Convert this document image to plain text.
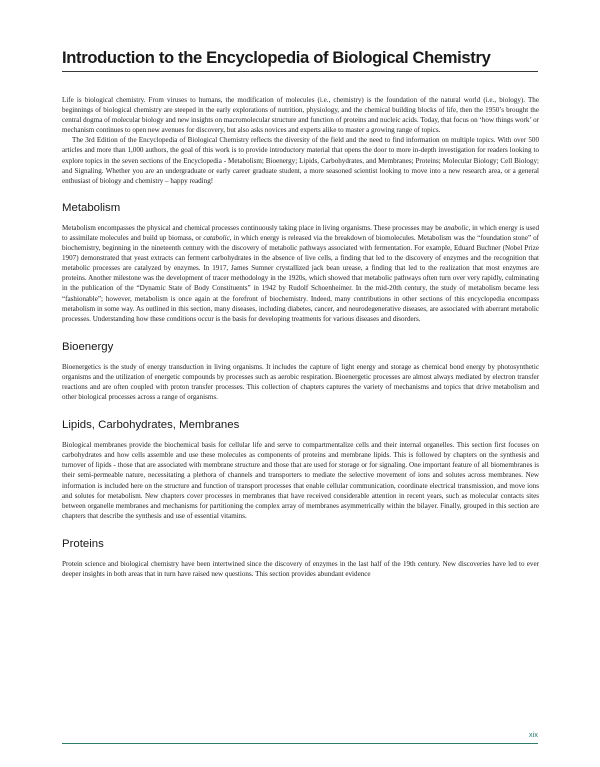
Introduction to the Encyclopedia of Biological Chemistry

Life is biological chemistry. From viruses to humans, the modification of molecules (i.e., chemistry) is the foundation of the natural world (i.e., biology). The beginnings of biological chemistry are steeped in the early explorations of nutrition, physiology, and the chemical building blocks of life, then the 1950’s brought the central dogma of molecular biology and new insights on macromolecular structure and function of proteins and nucleic acids. Today, that focus on ‘how things work’ or mechanism continues to open new avenues for discovery, but also asks novices and experts alike to master a growing range of topics.

The 3rd Edition of the Encyclopedia of Biological Chemistry reflects the diversity of the field and the need to find information on multiple topics. With over 500 articles and more than 1,000 authors, the goal of this work is to provide introductory material that opens the door to more in-depth investigation for readers looking to explore topics in the seven sections of the Encyclopedia - Metabolism; Bioenergy; Lipids, Carbohydrates, and Membranes; Proteins; Molecular Biology; Cell Biology; and Signaling. Whether you are an undergraduate or early career graduate student, a more seasoned scientist looking to move into a new research area, or a general enthusiast of biology and chemistry – happy reading!

Metabolism

Metabolism encompasses the physical and chemical processes continuously taking place in living organisms. These processes may be anabolic, in which energy is used to assimilate molecules and build up biomass, or catabolic, in which energy is released via the breakdown of biomolecules. Metabolism was the “foundation stone” of biochemistry, beginning in the nineteenth century with the discovery of metabolic pathways associated with fermentation. For example, Eduard Buchner (Nobel Prize 1907) demonstrated that yeast extracts can ferment carbohydrates in the absence of live cells, a finding that led to the discovery of enzymes and the recognition that metabolic processes are catalyzed by enzymes. In 1917, James Sumner crystallized jack bean urease, a finding that led to the realization that most enzymes are proteins. Another milestone was the development of tracer methodology in the 1920s, which showed that metabolic pathways often turn over very rapidly, culminating in the publication of the “Dynamic State of Body Constituents” in 1942 by Rudolf Schoenheimer. In the mid-20th century, the study of metabolism became less “fashionable”; however, metabolism is once again at the forefront of biochemistry. Indeed, many contributions in other sections of this encyclopedia encompass metabolism in some way. As outlined in this section, many diseases, including diabetes, cancer, and neurodegenerative diseases, are associated with aberrant metabolic processes. Understanding how these conditions occur is the basis for developing treatments for various diseases and disorders.

Bioenergy

Bioenergetics is the study of energy transduction in living organisms. It includes the capture of light energy and storage as chemical bond energy by photosynthetic organisms and the utilization of energetic compounds by processes such as aerobic respiration. Bioenergetic processes are almost always mediated by electron transfer reactions and are often coupled with proton transfer processes. This collection of chapters captures the variety of mechanisms and topics that drive metabolism and other biological processes across a range of organisms.

Lipids, Carbohydrates, Membranes

Biological membranes provide the biochemical basis for cellular life and serve to compartmentalize cells and their internal organelles. This section first focuses on carbohydrates and how cells assemble and use these molecules as components of proteins and membrane lipids. This is followed by chapters on the synthesis and turnover of lipids - those that are associated with membrane structure and those that are used for storage or for signaling. One important feature of all biomembranes is their semi-permeable nature, necessitating a plethora of channels and transporters to mediate the selective movement of ions and solutes across membranes. New information is included here on the structure and function of transport processes that enable cellular communication, coordinate electrical transmission, and move ions and solutes for metabolism. New chapters cover processes in membranes that have received considerable attention in recent years, such as molecular contacts sites between organelle membranes and mechanisms for partitioning the complex array of membranes asymmetrically within the bilayer. Finally, grouped in this section are chapters that describe the synthesis and use of essential vitamins.

Proteins

Protein science and biological chemistry have been intertwined since the discovery of enzymes in the last half of the 19th century. New discoveries have led to ever deeper insights in both areas that in turn have raised new questions. This section provides abundant evidence

xix
